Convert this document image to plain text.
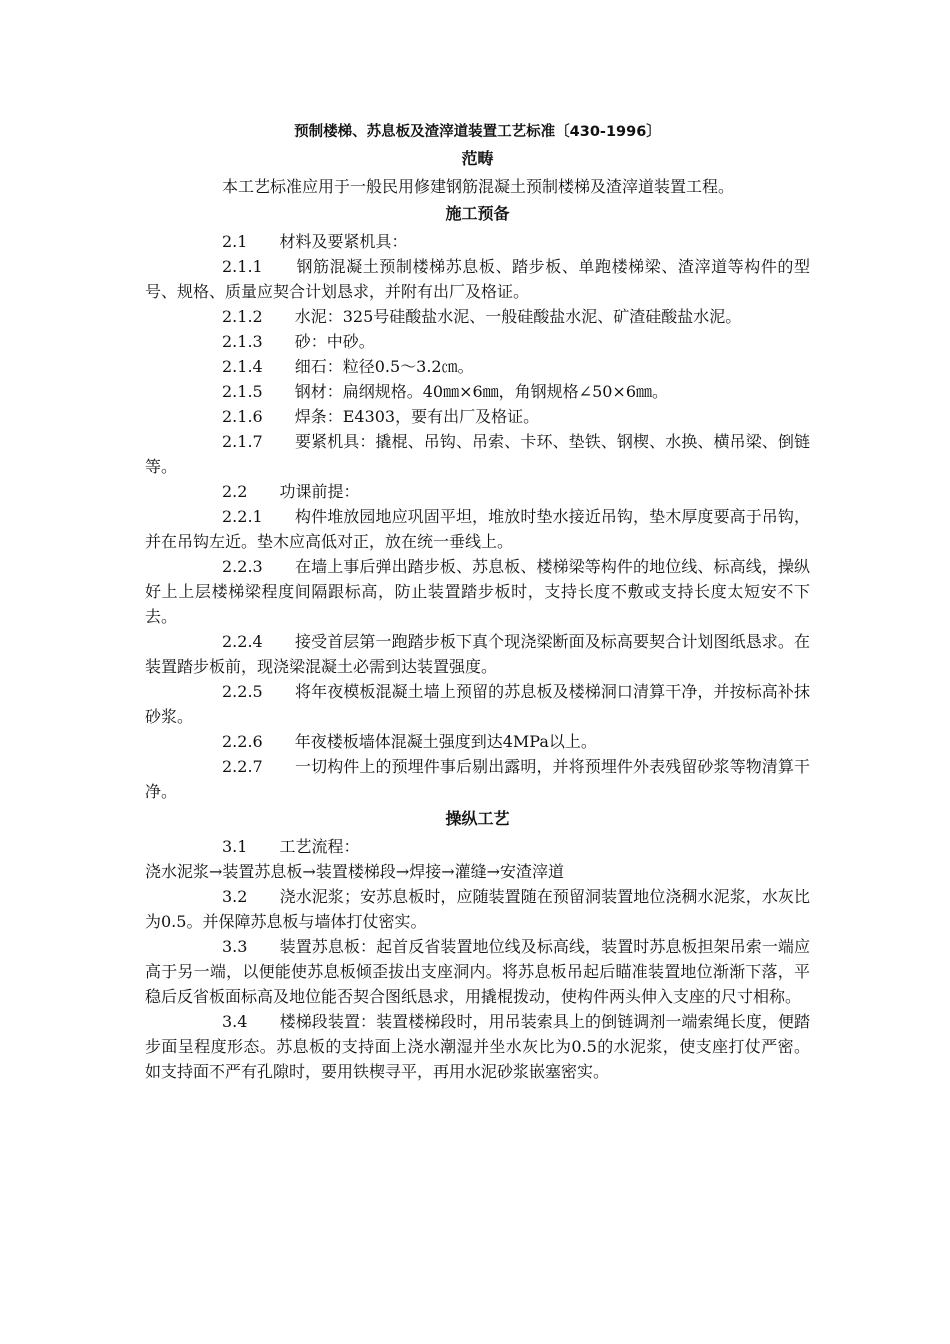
预制楼梯、苏息板及渣滓道装置工艺标准〔430-1996〕
范畴

本工艺标准应用于一般民用修建钢筋混凝土预制楼梯及渣滓道装置工程。

施工预备

2.1　　材料及要紧机具：

2.1.1　　钢筋混凝土预制楼梯苏息板、踏步板、单跑楼梯梁、渣滓道等构件的型号、规格、质量应契合计划恳求，并附有出厂及格证。

2.1.2　　水泥：325号硅酸盐水泥、一般硅酸盐水泥、矿渣硅酸盐水泥。

2.1.3　　砂：中砂。

2.1.4　　细石：粒径0.5～3.2㎝。

2.1.5　　钢材：扁纲规格。40㎜×6㎜，角钢规格∠50×6㎜。

2.1.6　　焊条：E4303，要有出厂及格证。

2.1.7　　要紧机具：撬棍、吊钩、吊索、卡环、垫铁、钢楔、水换、横吊梁、倒链等。

2.2　　功课前提：

2.2.1　　构件堆放园地应巩固平坦，堆放时垫水接近吊钩，垫木厚度要高于吊钩，并在吊钩左近。垫木应高低对正，放在统一垂线上。

2.2.3　　在墙上事后弹出踏步板、苏息板、楼梯梁等构件的地位线、标高线，操纵好上上层楼梯梁程度间隔跟标高，防止装置踏步板时，支持长度不敷或支持长度太短安不下去。

2.2.4　　接受首层第一跑踏步板下真个现浇梁断面及标高要契合计划图纸恳求。在装置踏步板前，现浇梁混凝土必需到达装置强度。

2.2.5　　将年夜模板混凝土墙上预留的苏息板及楼梯洞口清算干净，并按标高补抹砂浆。

2.2.6　　年夜楼板墙体混凝土强度到达4MPa以上。

2.2.7　　一切构件上的预埋件事后剔出露明，并将预埋件外表残留砂浆等物清算干净。

操纵工艺

3.1　　工艺流程：

浇水泥浆→装置苏息板→装置楼梯段→焊接→灌缝→安渣滓道

3.2　　浇水泥浆；安苏息板时，应随装置随在预留洞装置地位浇稠水泥浆，水灰比为0.5。并保障苏息板与墙体打仗密实。

3.3　　装置苏息板：起首反省装置地位线及标高线，装置时苏息板担架吊索一端应高于另一端，以便能使苏息板倾歪拔出支座洞内。将苏息板吊起后瞄准装置地位渐渐下落，平稳后反省板面标高及地位能否契合图纸恳求，用撬棍拨动，使构件两头伸入支座的尺寸相称。

3.4　　楼梯段装置：装置楼梯段时，用吊装索具上的倒链调剂一端索绳长度，便踏步面呈程度形态。苏息板的支持面上浇水潮湿并坐水灰比为0.5的水泥浆，使支座打仗严密。如支持面不严有孔隙时，要用铁楔寻平，再用水泥砂浆嵌塞密实。
